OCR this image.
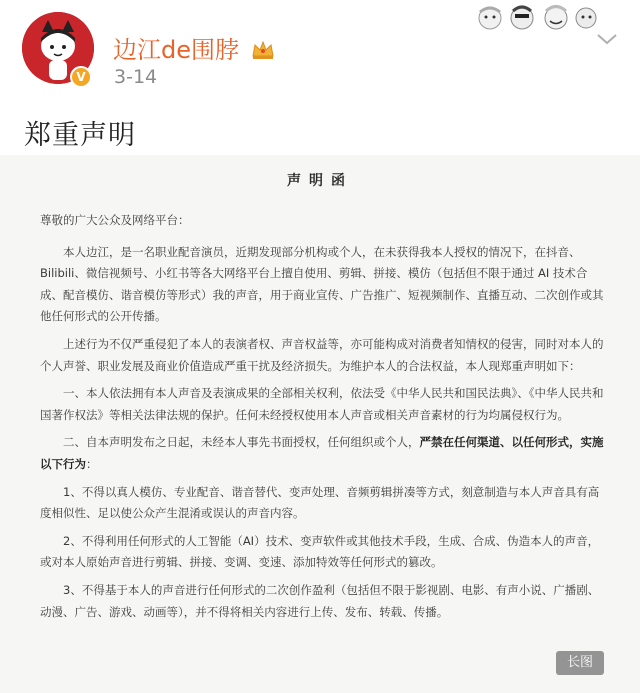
V
边江de围脖
3-14
郑重声明
声明函

尊敬的广大公众及网络平台：

本人边江，是一名职业配音演员，近期发现部分机构或个人，在未获得我本人授权的情况下，在抖音、Bilibili、微信视频号、小红书等各大网络平台上擅自使用、剪辑、拼接、模仿（包括但不限于通过 AI 技术合成、配音模仿、谐音模仿等形式）我的声音，用于商业宣传、广告推广、短视频制作、直播互动、二次创作或其他任何形式的公开传播。

上述行为不仅严重侵犯了本人的表演者权、声音权益等，亦可能构成对消费者知情权的侵害，同时对本人的个人声誉、职业发展及商业价值造成严重干扰及经济损失。为维护本人的合法权益，本人现郑重声明如下：

一、本人依法拥有本人声音及表演成果的全部相关权利，依法受《中华人民共和国民法典》、《中华人民共和国著作权法》等相关法律法规的保护。任何未经授权使用本人声音或相关声音素材的行为均属侵权行为。

二、自本声明发布之日起，未经本人事先书面授权，任何组织或个人，严禁在任何渠道、以任何形式，实施以下行为：

1、不得以真人模仿、专业配音、谐音替代、变声处理、音频剪辑拼凑等方式，刻意制造与本人声音具有高度相似性、足以使公众产生混淆或误认的声音内容。

2、不得利用任何形式的人工智能（AI）技术、变声软件或其他技术手段，生成、合成、伪造本人的声音，或对本人原始声音进行剪辑、拼接、变调、变速、添加特效等任何形式的篡改。

3、不得基于本人的声音进行任何形式的二次创作盈利（包括但不限于影视剧、电影、有声小说、广播剧、动漫、广告、游戏、动画等），并不得将相关内容进行上传、发布、转载、传播。

长图
